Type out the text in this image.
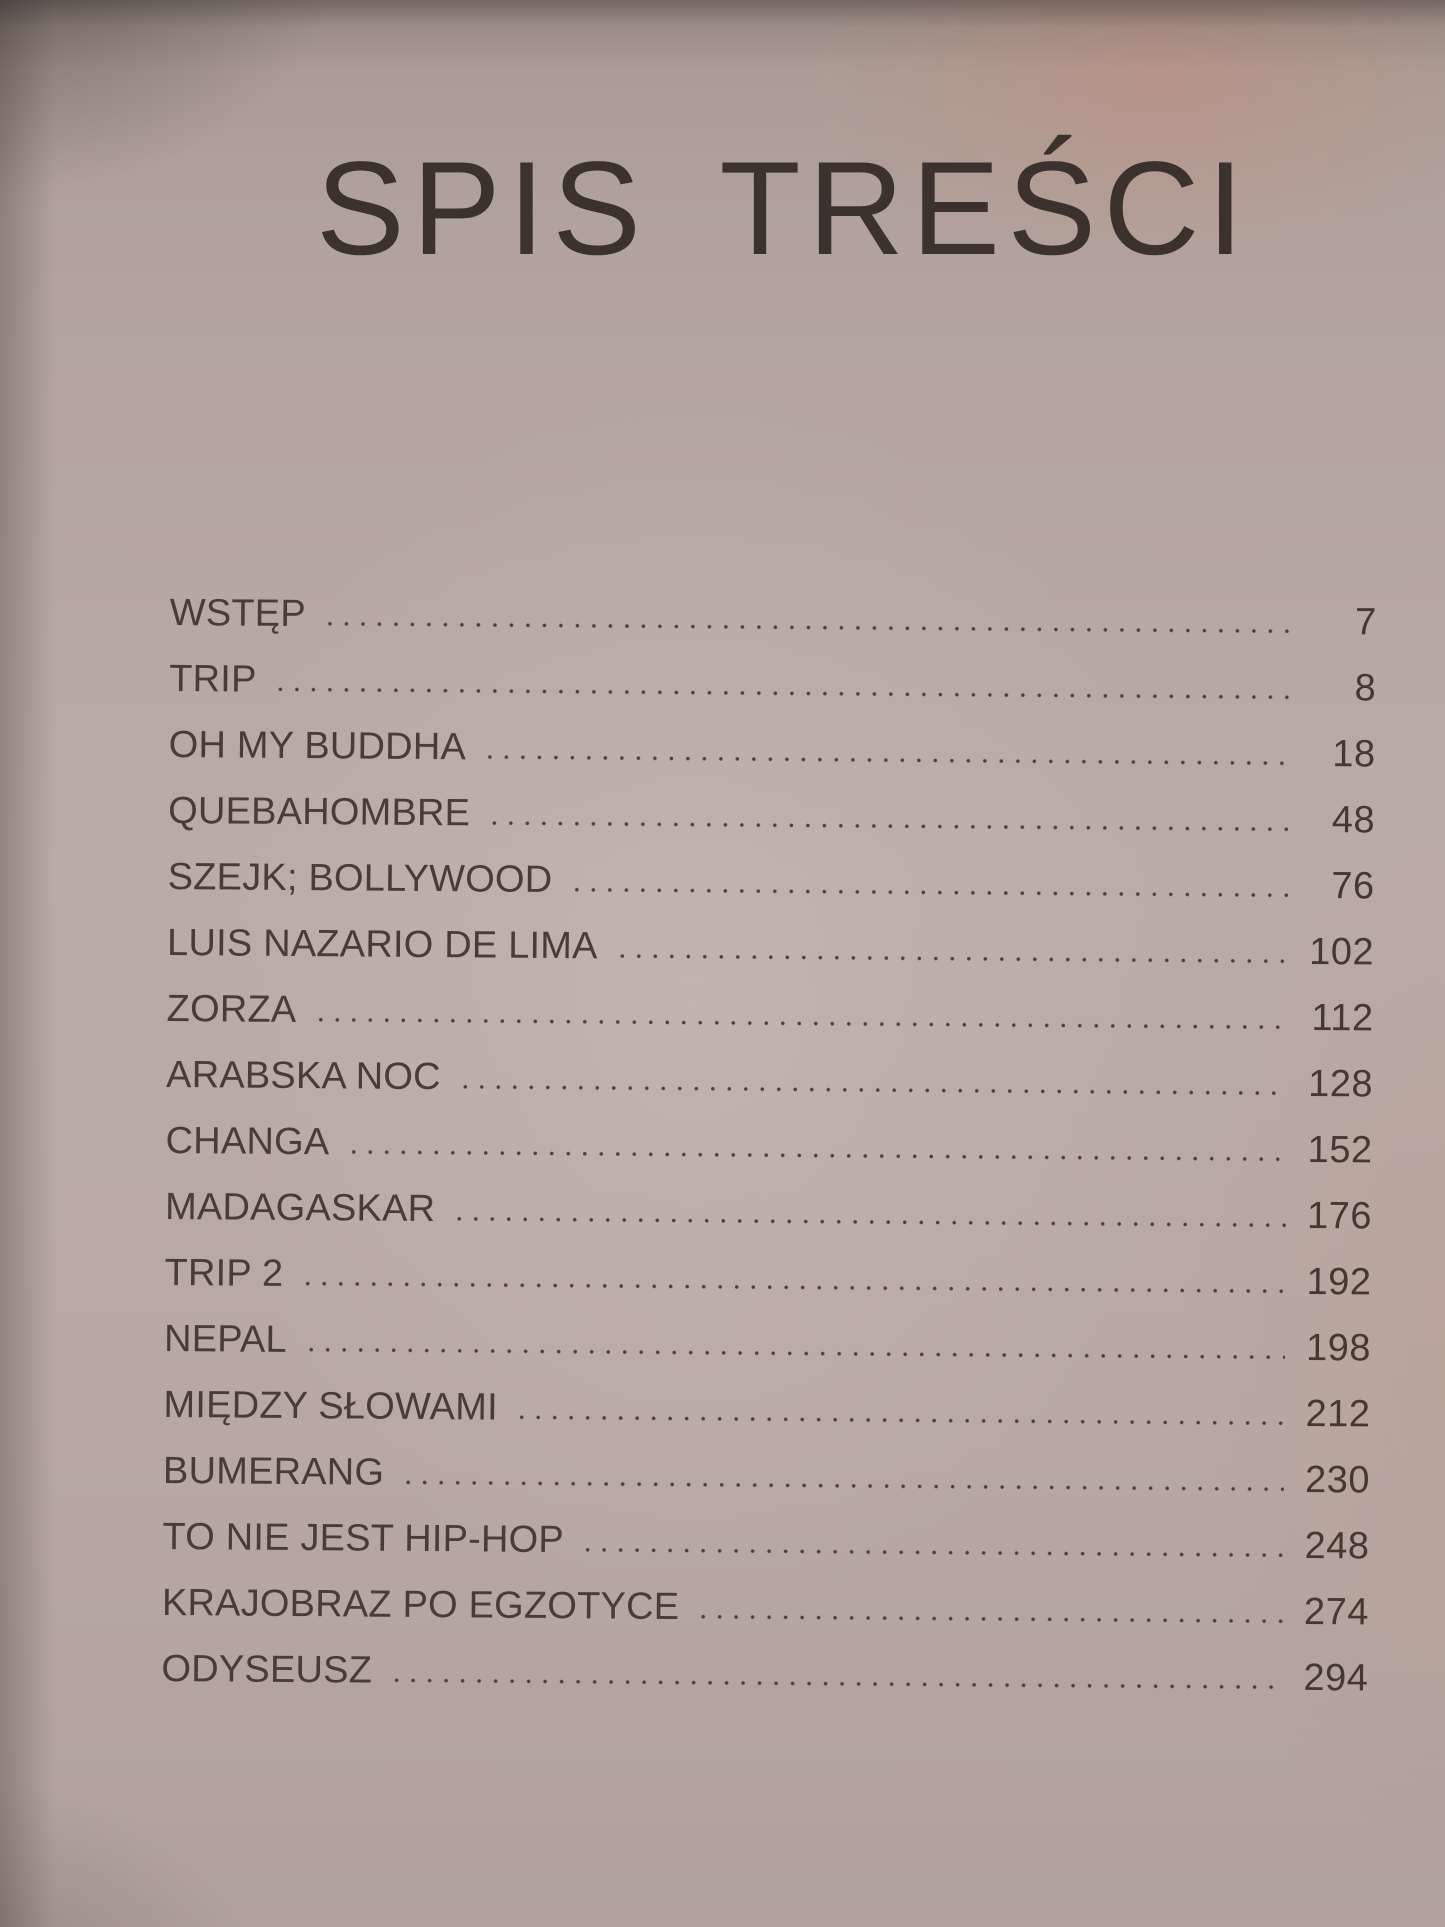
SPIS TREŚCI
WSTĘP	7
TRIP	8
OH MY BUDDHA	18
QUEBAHOMBRE	48
SZEJK; BOLLYWOOD	76
LUIS NAZARIO DE LIMA	102
ZORZA	112
ARABSKA NOC	128
CHANGA	152
MADAGASKAR	176
TRIP 2	192
NEPAL	198
MIĘDZY SŁOWAMI	212
BUMERANG	230
TO NIE JEST HIP-HOP	248
KRAJOBRAZ PO EGZOTYCE	274
ODYSEUSZ	294
